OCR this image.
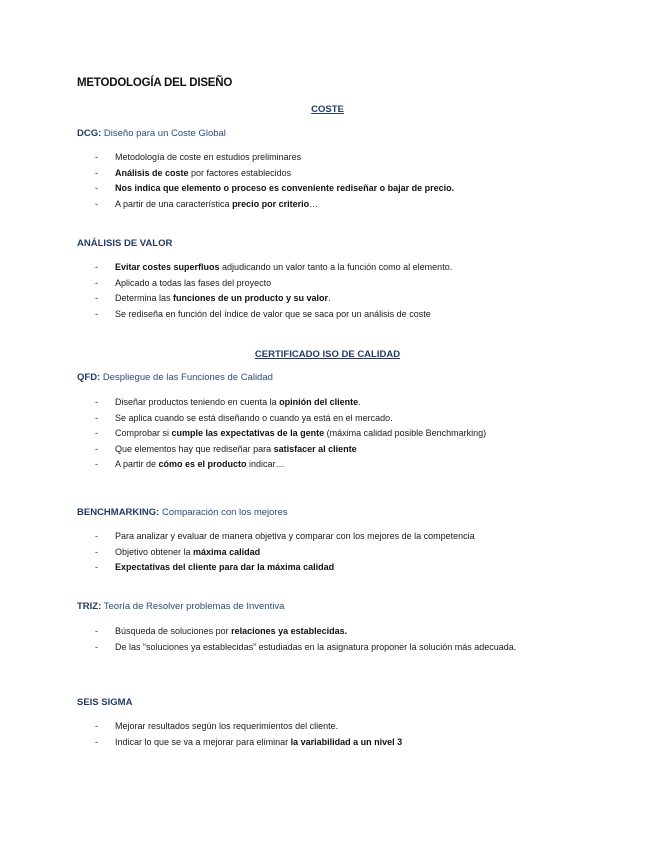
METODOLOGÍA DEL DISEÑO
COSTE
DCG: Diseño para un Coste Global
- Metodología de coste en estudios preliminares
- Análisis de coste por factores establecidos
- Nos indica que elemento o proceso es conveniente rediseñar o bajar de precio.
- A partir de una característica precio por criterio…
ANÁLISIS DE VALOR
- Evitar costes superfluos adjudicando un valor tanto a la función como al elemento.
- Aplicado a todas las fases del proyecto
- Determina las funciones de un producto y su valor.
- Se rediseña en función del índice de valor que se saca por un análisis de coste
CERTIFICADO ISO DE CALIDAD
QFD: Despliegue de las Funciones de Calidad
- Diseñar productos teniendo en cuenta la opinión del cliente.
- Se aplica cuando se está diseñando o cuando ya está en el mercado.
- Comprobar si cumple las expectativas de la gente (máxima calidad posible Benchmarking)
- Que elementos hay que rediseñar para satisfacer al cliente
- A partir de cómo es el producto indicar…
BENCHMARKING: Comparación con los mejores
- Para analizar y evaluar de manera objetiva y comparar con los mejores de la competencia
- Objetivo obtener la máxima calidad
- Expectativas del cliente para dar la máxima calidad
TRIZ: Teoría de Resolver problemas de Inventiva
- Búsqueda de soluciones por relaciones ya establecidas.
- De las “soluciones ya establecidas” estudiadas en la asignatura proponer la solución más adecuada.
SEIS SIGMA
- Mejorar resultados según los requerimientos del cliente.
- Indicar lo que se va a mejorar para eliminar la variabilidad a un nivel 3
